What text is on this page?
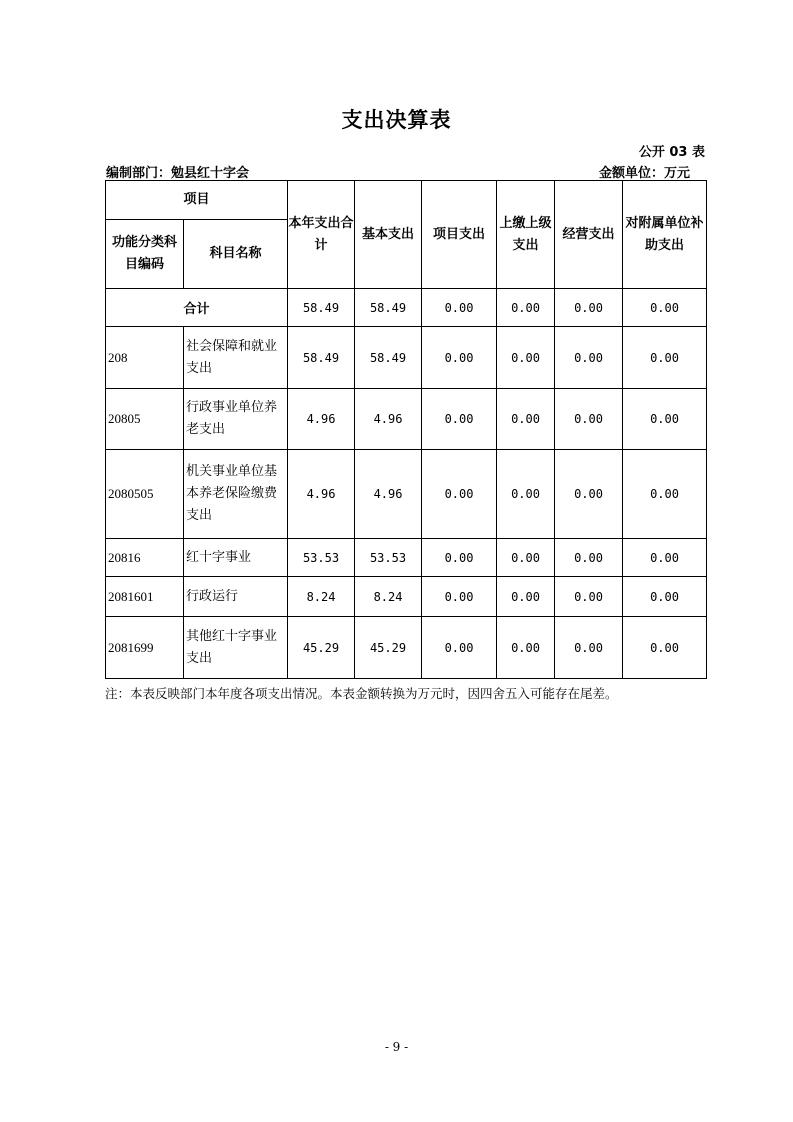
支出决算表
公开 03 表
编制部门：勉县红十字会	金额单位：万元
项目		本年支出合计	基本支出	项目支出	上缴上级支出	经营支出	对附属单位补助支出
功能分类科目编码	科目名称						
合计		58.49	58.49	0.00	0.00	0.00	0.00
208	社会保障和就业支出	58.49	58.49	0.00	0.00	0.00	0.00
20805	行政事业单位养老支出	4.96	4.96	0.00	0.00	0.00	0.00
2080505	机关事业单位基本养老保险缴费支出	4.96	4.96	0.00	0.00	0.00	0.00
20816	红十字事业	53.53	53.53	0.00	0.00	0.00	0.00
2081601	行政运行	8.24	8.24	0.00	0.00	0.00	0.00
2081699	其他红十字事业支出	45.29	45.29	0.00	0.00	0.00	0.00
注：本表反映部门本年度各项支出情况。本表金额转换为万元时，因四舍五入可能存在尾差。
- 9 -
